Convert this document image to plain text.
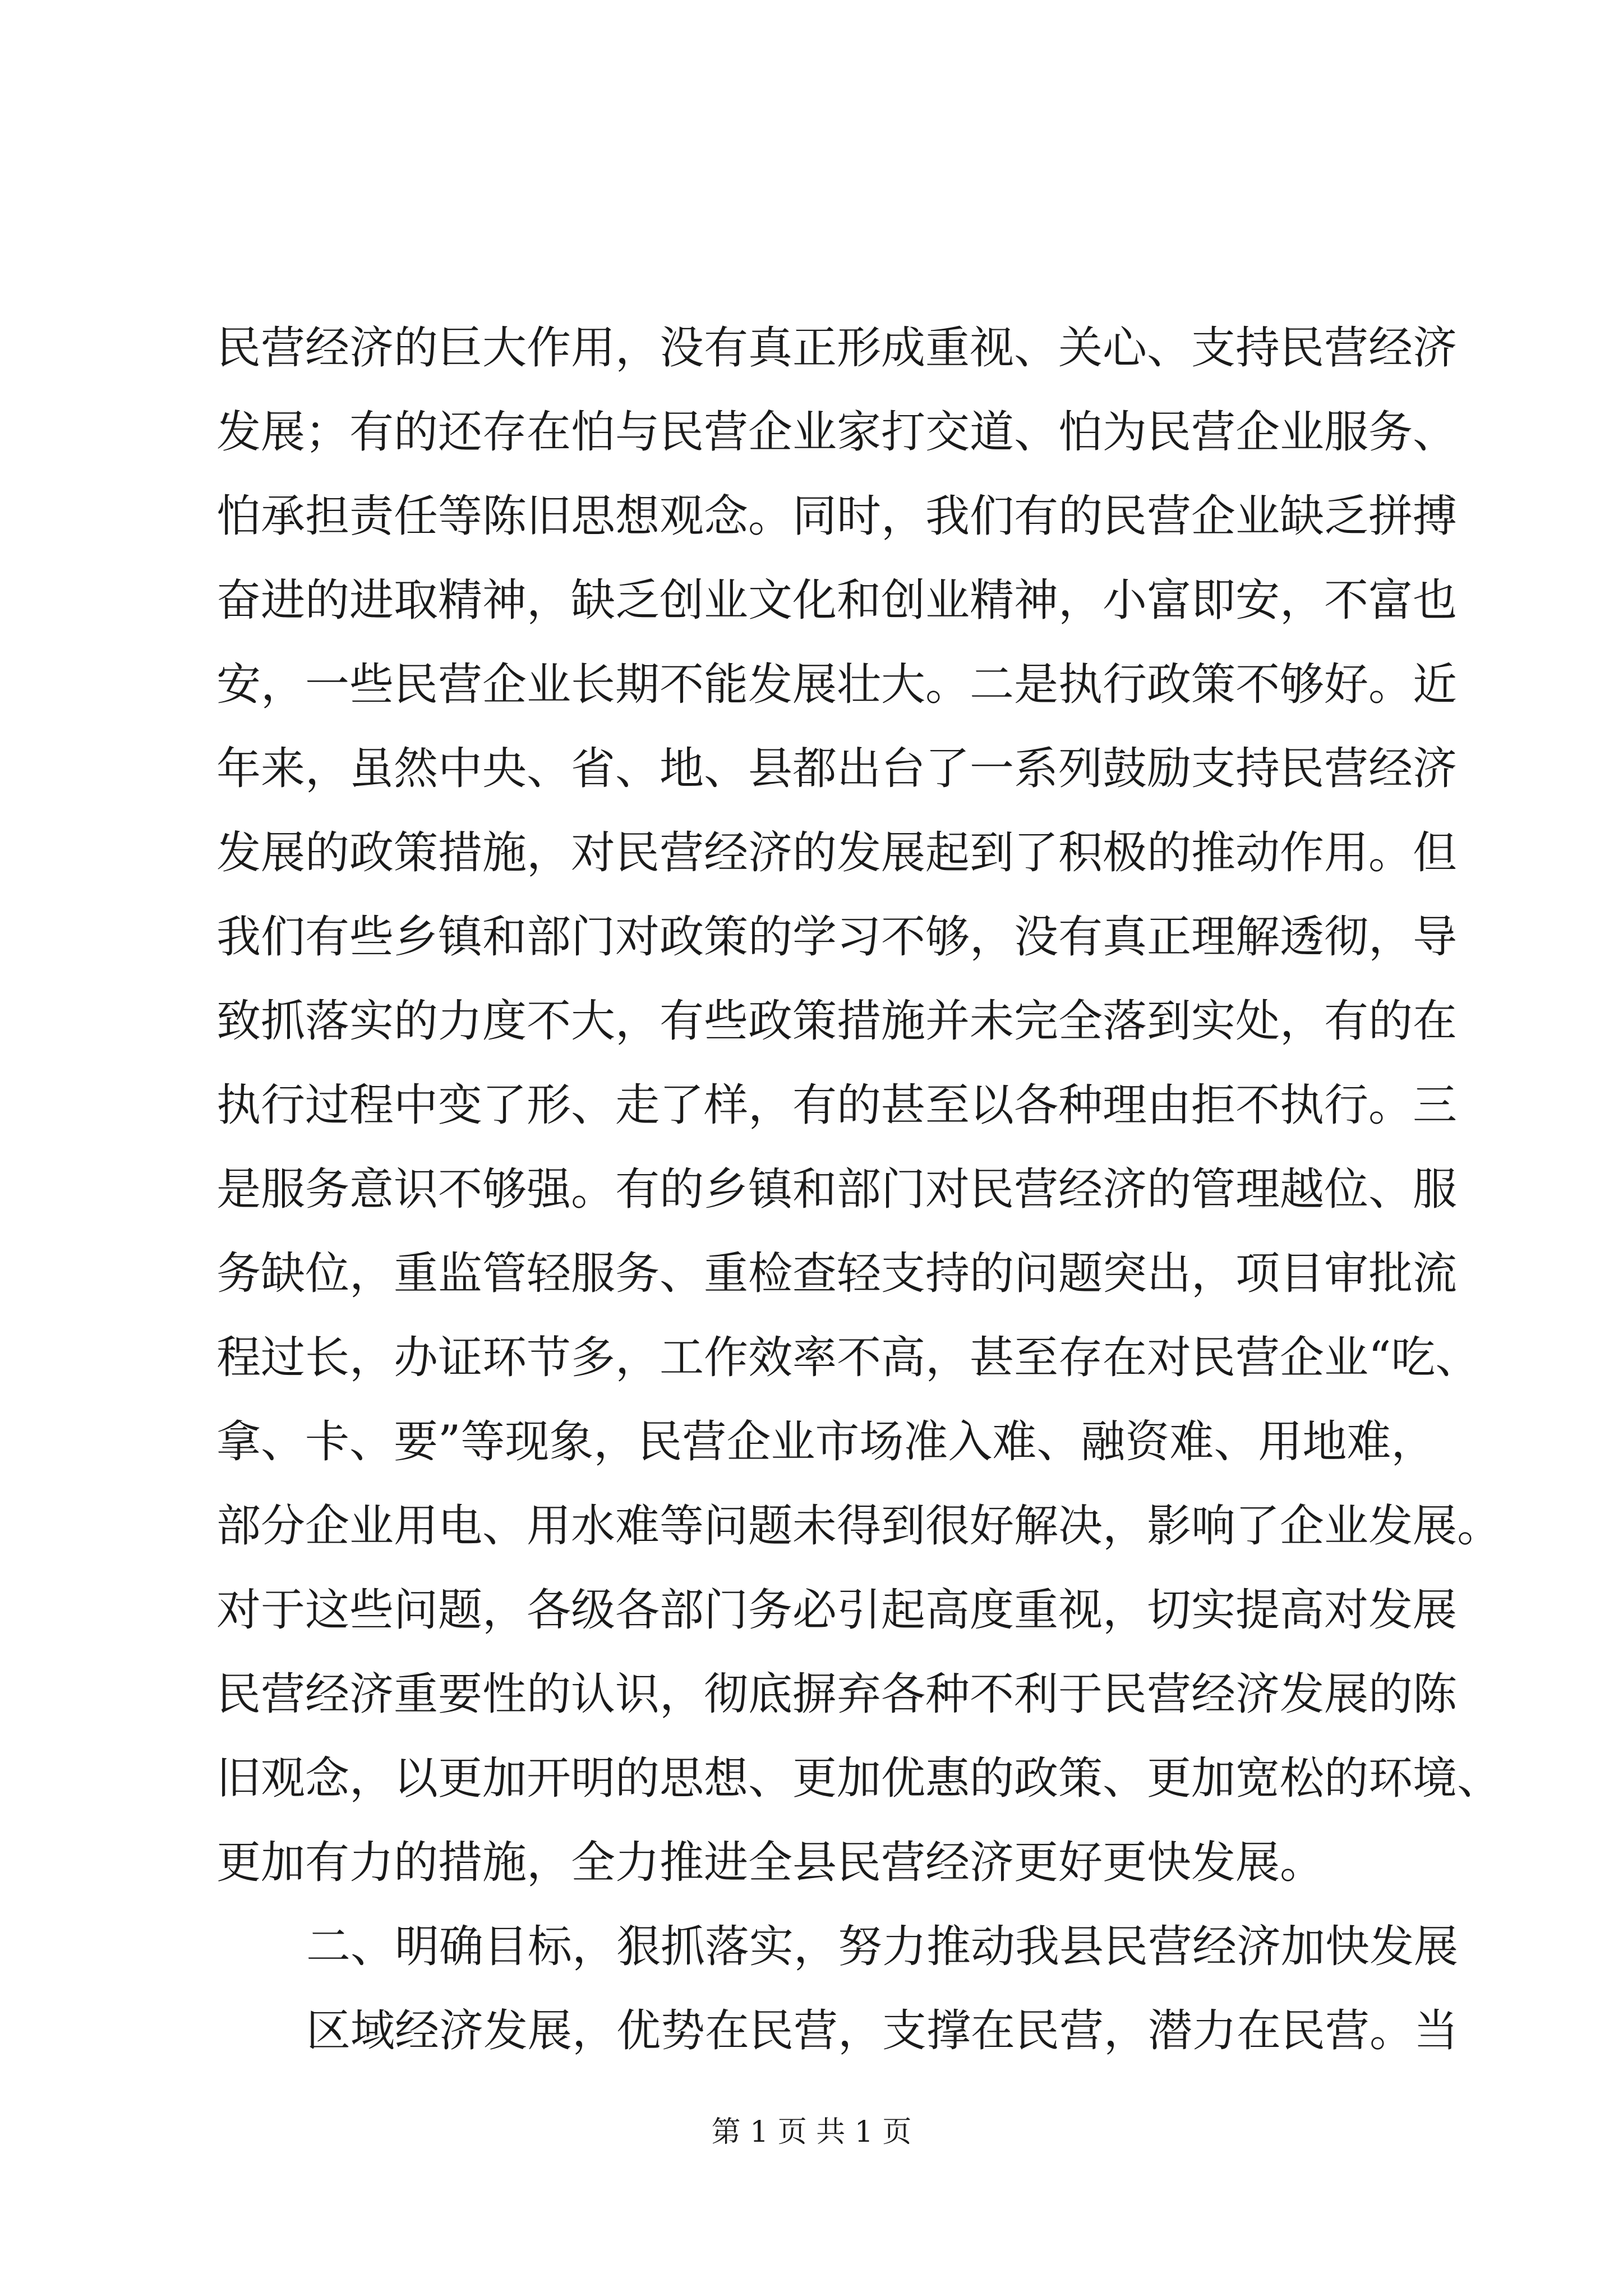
民营经济的巨大作用，没有真正形成重视、关心、支持民营经济
发展；有的还存在怕与民营企业家打交道、怕为民营企业服务、
怕承担责任等陈旧思想观念。同时，我们有的民营企业缺乏拼搏
奋进的进取精神，缺乏创业文化和创业精神，小富即安，不富也
安，一些民营企业长期不能发展壮大。二是执行政策不够好。近
年来，虽然中央、省、地、县都出台了一系列鼓励支持民营经济
发展的政策措施，对民营经济的发展起到了积极的推动作用。但
我们有些乡镇和部门对政策的学习不够，没有真正理解透彻，导
致抓落实的力度不大，有些政策措施并未完全落到实处，有的在
执行过程中变了形、走了样，有的甚至以各种理由拒不执行。三
是服务意识不够强。有的乡镇和部门对民营经济的管理越位、服
务缺位，重监管轻服务、重检查轻支持的问题突出，项目审批流
程过长，办证环节多，工作效率不高，甚至存在对民营企业“吃、
拿、卡、要”等现象，民营企业市场准入难、融资难、用地难，
部分企业用电、用水难等问题未得到很好解决，影响了企业发展。
对于这些问题，各级各部门务必引起高度重视，切实提高对发展
民营经济重要性的认识，彻底摒弃各种不利于民营经济发展的陈
旧观念，以更加开明的思想、更加优惠的政策、更加宽松的环境、
更加有力的措施，全力推进全县民营经济更好更快发展。
二、明确目标，狠抓落实，努力推动我县民营经济加快发展
区域经济发展，优势在民营，支撑在民营，潜力在民营。当
第 1 页 共 1 页
